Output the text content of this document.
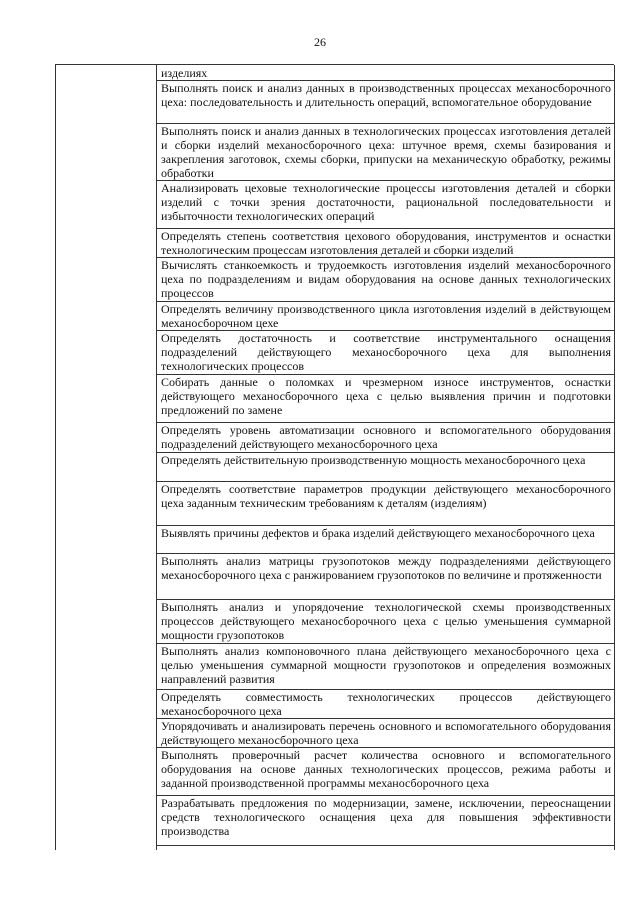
26
изделиях
Выполнять поиск и анализ данных в производственных процессах механосборочного цеха: последовательность и длительность операций, вспомогательное оборудование
Выполнять поиск и анализ данных в технологических процессах изготовления деталей и сборки изделий механосборочного цеха: штучное время, схемы базирования и закрепления заготовок, схемы сборки, припуски на механическую обработку, режимы обработки
Анализировать цеховые технологические процессы изготовления деталей и сборки изделий с точки зрения достаточности, рациональной последовательности и избыточности технологических операций
Определять степень соответствия цехового оборудования, инструментов и оснастки технологическим процессам изготовления деталей и сборки изделий
Вычислять станкоемкость и трудоемкость изготовления изделий механосборочного цеха по подразделениям и видам оборудования на основе данных технологических процессов
Определять величину производственного цикла изготовления изделий в действующем механосборочном цехе
Определять достаточность и соответствие инструментального оснащения подразделений действующего механосборочного цеха для выполнения технологических процессов
Собирать данные о поломках и чрезмерном износе инструментов, оснастки действующего механосборочного цеха с целью выявления причин и подготовки предложений по замене
Определять уровень автоматизации основного и вспомогательного оборудования подразделений действующего механосборочного цеха
Определять действительную производственную мощность механосборочного цеха
Определять соответствие параметров продукции действующего механосборочного цеха заданным техническим требованиям к деталям (изделиям)
Выявлять причины дефектов и брака изделий действующего механосборочного цеха
Выполнять анализ матрицы грузопотоков между подразделениями действующего механосборочного цеха с ранжированием грузопотоков по величине и протяженности
Выполнять анализ и упорядочение технологической схемы производственных процессов действующего механосборочного цеха с целью уменьшения суммарной мощности грузопотоков
Выполнять анализ компоновочного плана действующего механосборочного цеха с целью уменьшения суммарной мощности грузопотоков и определения возможных направлений развития
Определять совместимость технологических процессов действующего механосборочного цеха
Упорядочивать и анализировать перечень основного и вспомогательного оборудования действующего механосборочного цеха
Выполнять проверочный расчет количества основного и вспомогательного оборудования на основе данных технологических процессов, режима работы и заданной производственной программы механосборочного цеха
Разрабатывать предложения по модернизации, замене, исключении, переоснащении средств технологического оснащения цеха для повышения эффективности производства
